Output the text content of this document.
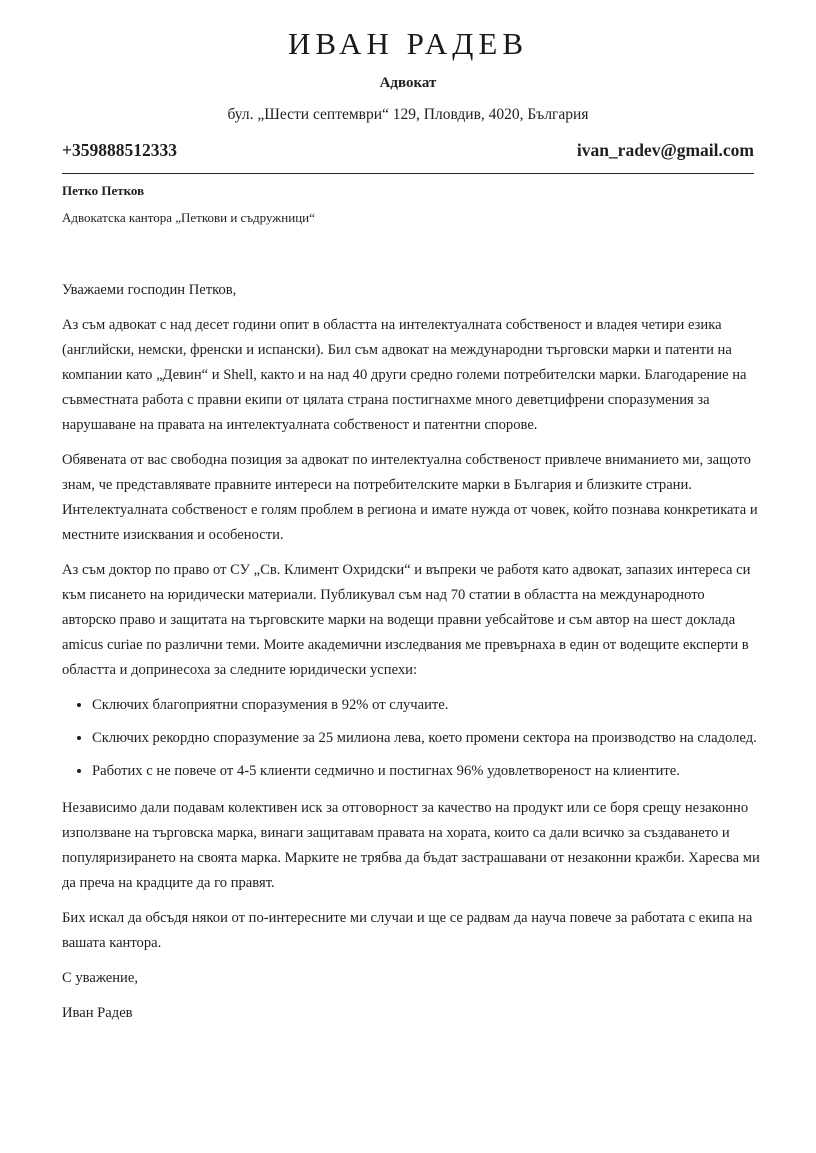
ИВАН РАДЕВ
Адвокат
бул. „Шести септември“ 129, Пловдив, 4020, България
+359888512333	ivan_radev@gmail.com
Петко Петков
Адвокатска кантора „Петкови и съдружници“

Уважаеми господин Петков,

Аз съм адвокат с над десет години опит в областта на интелектуалната собственост и владея четири езика (английски, немски, френски и испански). Бил съм адвокат на международни търговски марки и патенти на компании като „Девин“ и Shell, както и на над 40 други средно големи потребителски марки. Благодарение на съвместната работа с правни екипи от цялата страна постигнахме много деветцифрени споразумения за нарушаване на правата на интелектуалната собственост и патентни спорове.

Обявената от вас свободна позиция за адвокат по интелектуална собственост привлече вниманието ми, защото знам, че представлявате правните интереси на потребителските марки в България и близките страни. Интелектуалната собственост е голям проблем в региона и имате нужда от човек, който познава конкретиката и местните изисквания и особености.

Аз съм доктор по право от СУ „Св. Климент Охридски“ и въпреки че работя като адвокат, запазих интереса си към писането на юридически материали. Публикувал съм над 70 статии в областта на международното авторско право и защитата на търговските марки на водещи правни уебсайтове и съм автор на шест доклада amicus curiae по различни теми. Моите академични изследвания ме превърнаха в един от водещите експерти в областта и допринесоха за следните юридически успехи:

• Сключих благоприятни споразумения в 92% от случаите.
• Сключих рекордно споразумение за 25 милиона лева, което промени сектора на производство на сладолед.
• Работих с не повече от 4-5 клиенти седмично и постигнах 96% удовлетвореност на клиентите.

Независимо дали подавам колективен иск за отговорност за качество на продукт или се боря срещу незаконно използване на търговска марка, винаги защитавам правата на хората, които са дали всичко за създаването и популяризирането на своята марка. Марките не трябва да бъдат застрашавани от незаконни кражби. Харесва ми да преча на крадците да го правят.

Бих искал да обсъдя някои от по-интересните ми случаи и ще се радвам да науча повече за работата с екипа на вашата кантора.

С уважение,

Иван Радев
